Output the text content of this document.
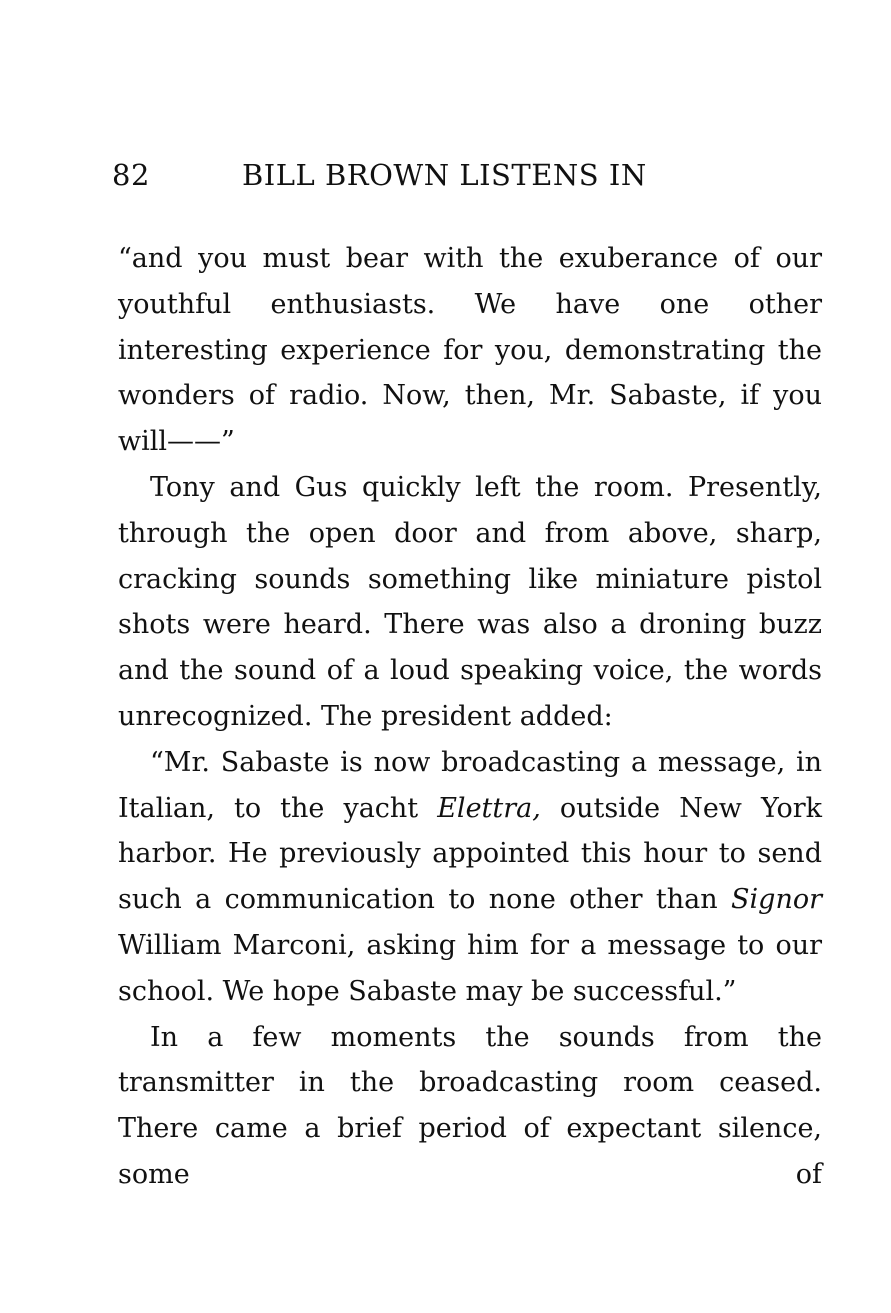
82	BILL BROWN LISTENS IN

“and you must bear with the exuberance of our youthful enthusiasts. We have one other interesting experience for you, demonstrating the wonders of radio. Now, then, Mr. Sabaste, if you will——”

Tony and Gus quickly left the room. Presently, through the open door and from above, sharp, cracking sounds something like miniature pistol shots were heard. There was also a droning buzz and the sound of a loud speaking voice, the words unrecognized. The president added:

“Mr. Sabaste is now broadcasting a message, in Italian, to the yacht Elettra, outside New York harbor. He previously appointed this hour to send such a communication to none other than Signor William Marconi, asking him for a message to our school. We hope Sabaste may be successful.”

In a few moments the sounds from the transmitter in the broadcasting room ceased. There came a brief period of expectant silence, some of
